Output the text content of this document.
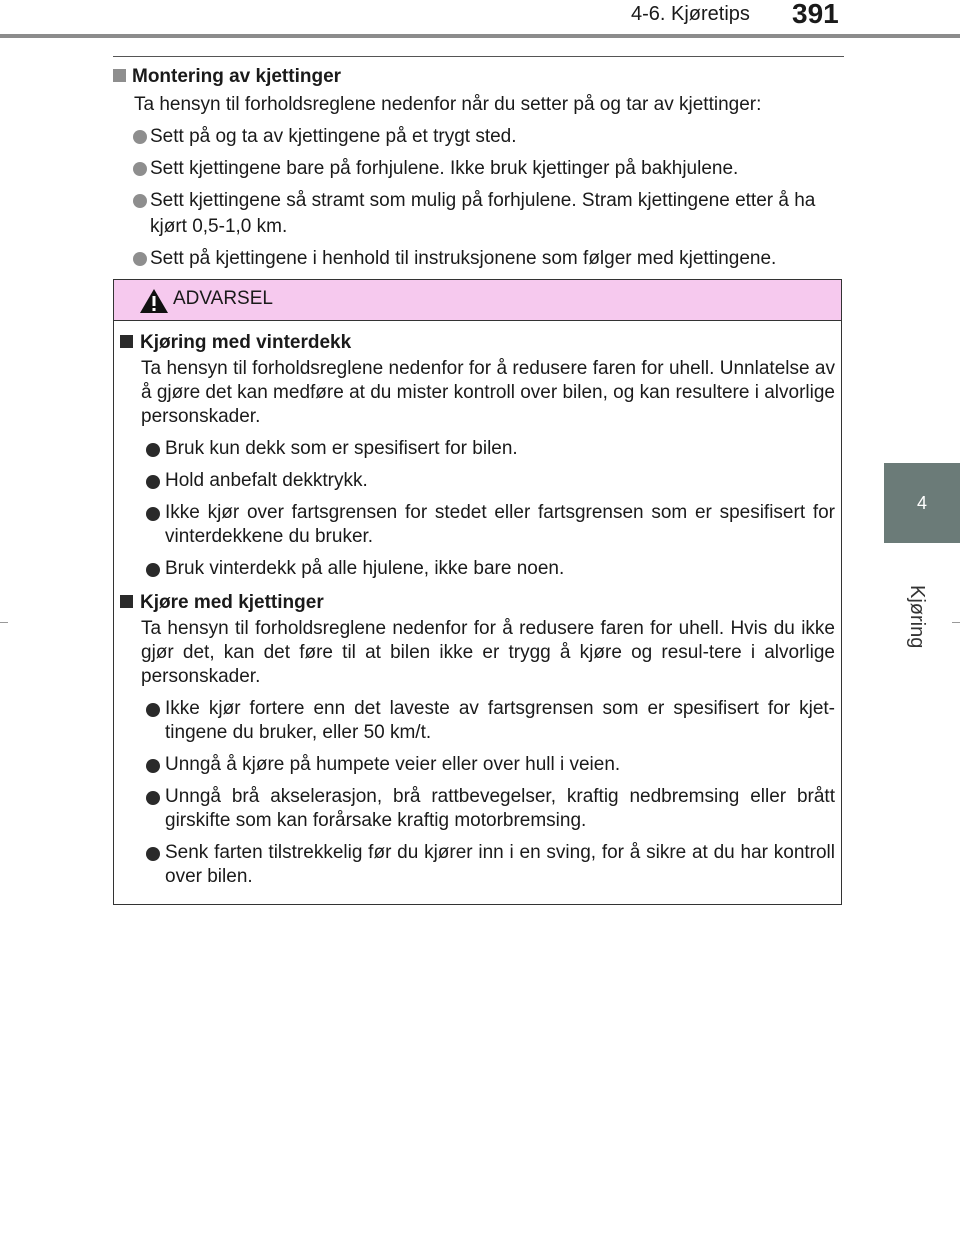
4-6. Kjøretips 391
4
Kjøring
Montering av kjettinger
Ta hensyn til forholdsreglene nedenfor når du setter på og tar av kjettinger:
Sett på og ta av kjettingene på et trygt sted.
Sett kjettingene bare på forhjulene. Ikke bruk kjettinger på bakhjulene.
Sett kjettingene så stramt som mulig på forhjulene. Stram kjettingene etter å ha kjørt 0,5-1,0 km.
Sett på kjettingene i henhold til instruksjonene som følger med kjettingene.
ADVARSEL
Kjøring med vinterdekk
Ta hensyn til forholdsreglene nedenfor for å redusere faren for uhell. Unnlatelse av å gjøre det kan medføre at du mister kontroll over bilen, og kan resultere i alvorlige personskader.
Bruk kun dekk som er spesifisert for bilen.
Hold anbefalt dekktrykk.
Ikke kjør over fartsgrensen for stedet eller fartsgrensen som er spesifisert for vinterdekkene du bruker.
Bruk vinterdekk på alle hjulene, ikke bare noen.
Kjøre med kjettinger
Ta hensyn til forholdsreglene nedenfor for å redusere faren for uhell. Hvis du ikke gjør det, kan det føre til at bilen ikke er trygg å kjøre og resul-tere i alvorlige personskader.
Ikke kjør fortere enn det laveste av fartsgrensen som er spesifisert for kjet-tingene du bruker, eller 50 km/t.
Unngå å kjøre på humpete veier eller over hull i veien.
Unngå brå akselerasjon, brå rattbevegelser, kraftig nedbremsing eller brått girskifte som kan forårsake kraftig motorbremsing.
Senk farten tilstrekkelig før du kjører inn i en sving, for å sikre at du har kontroll over bilen.
